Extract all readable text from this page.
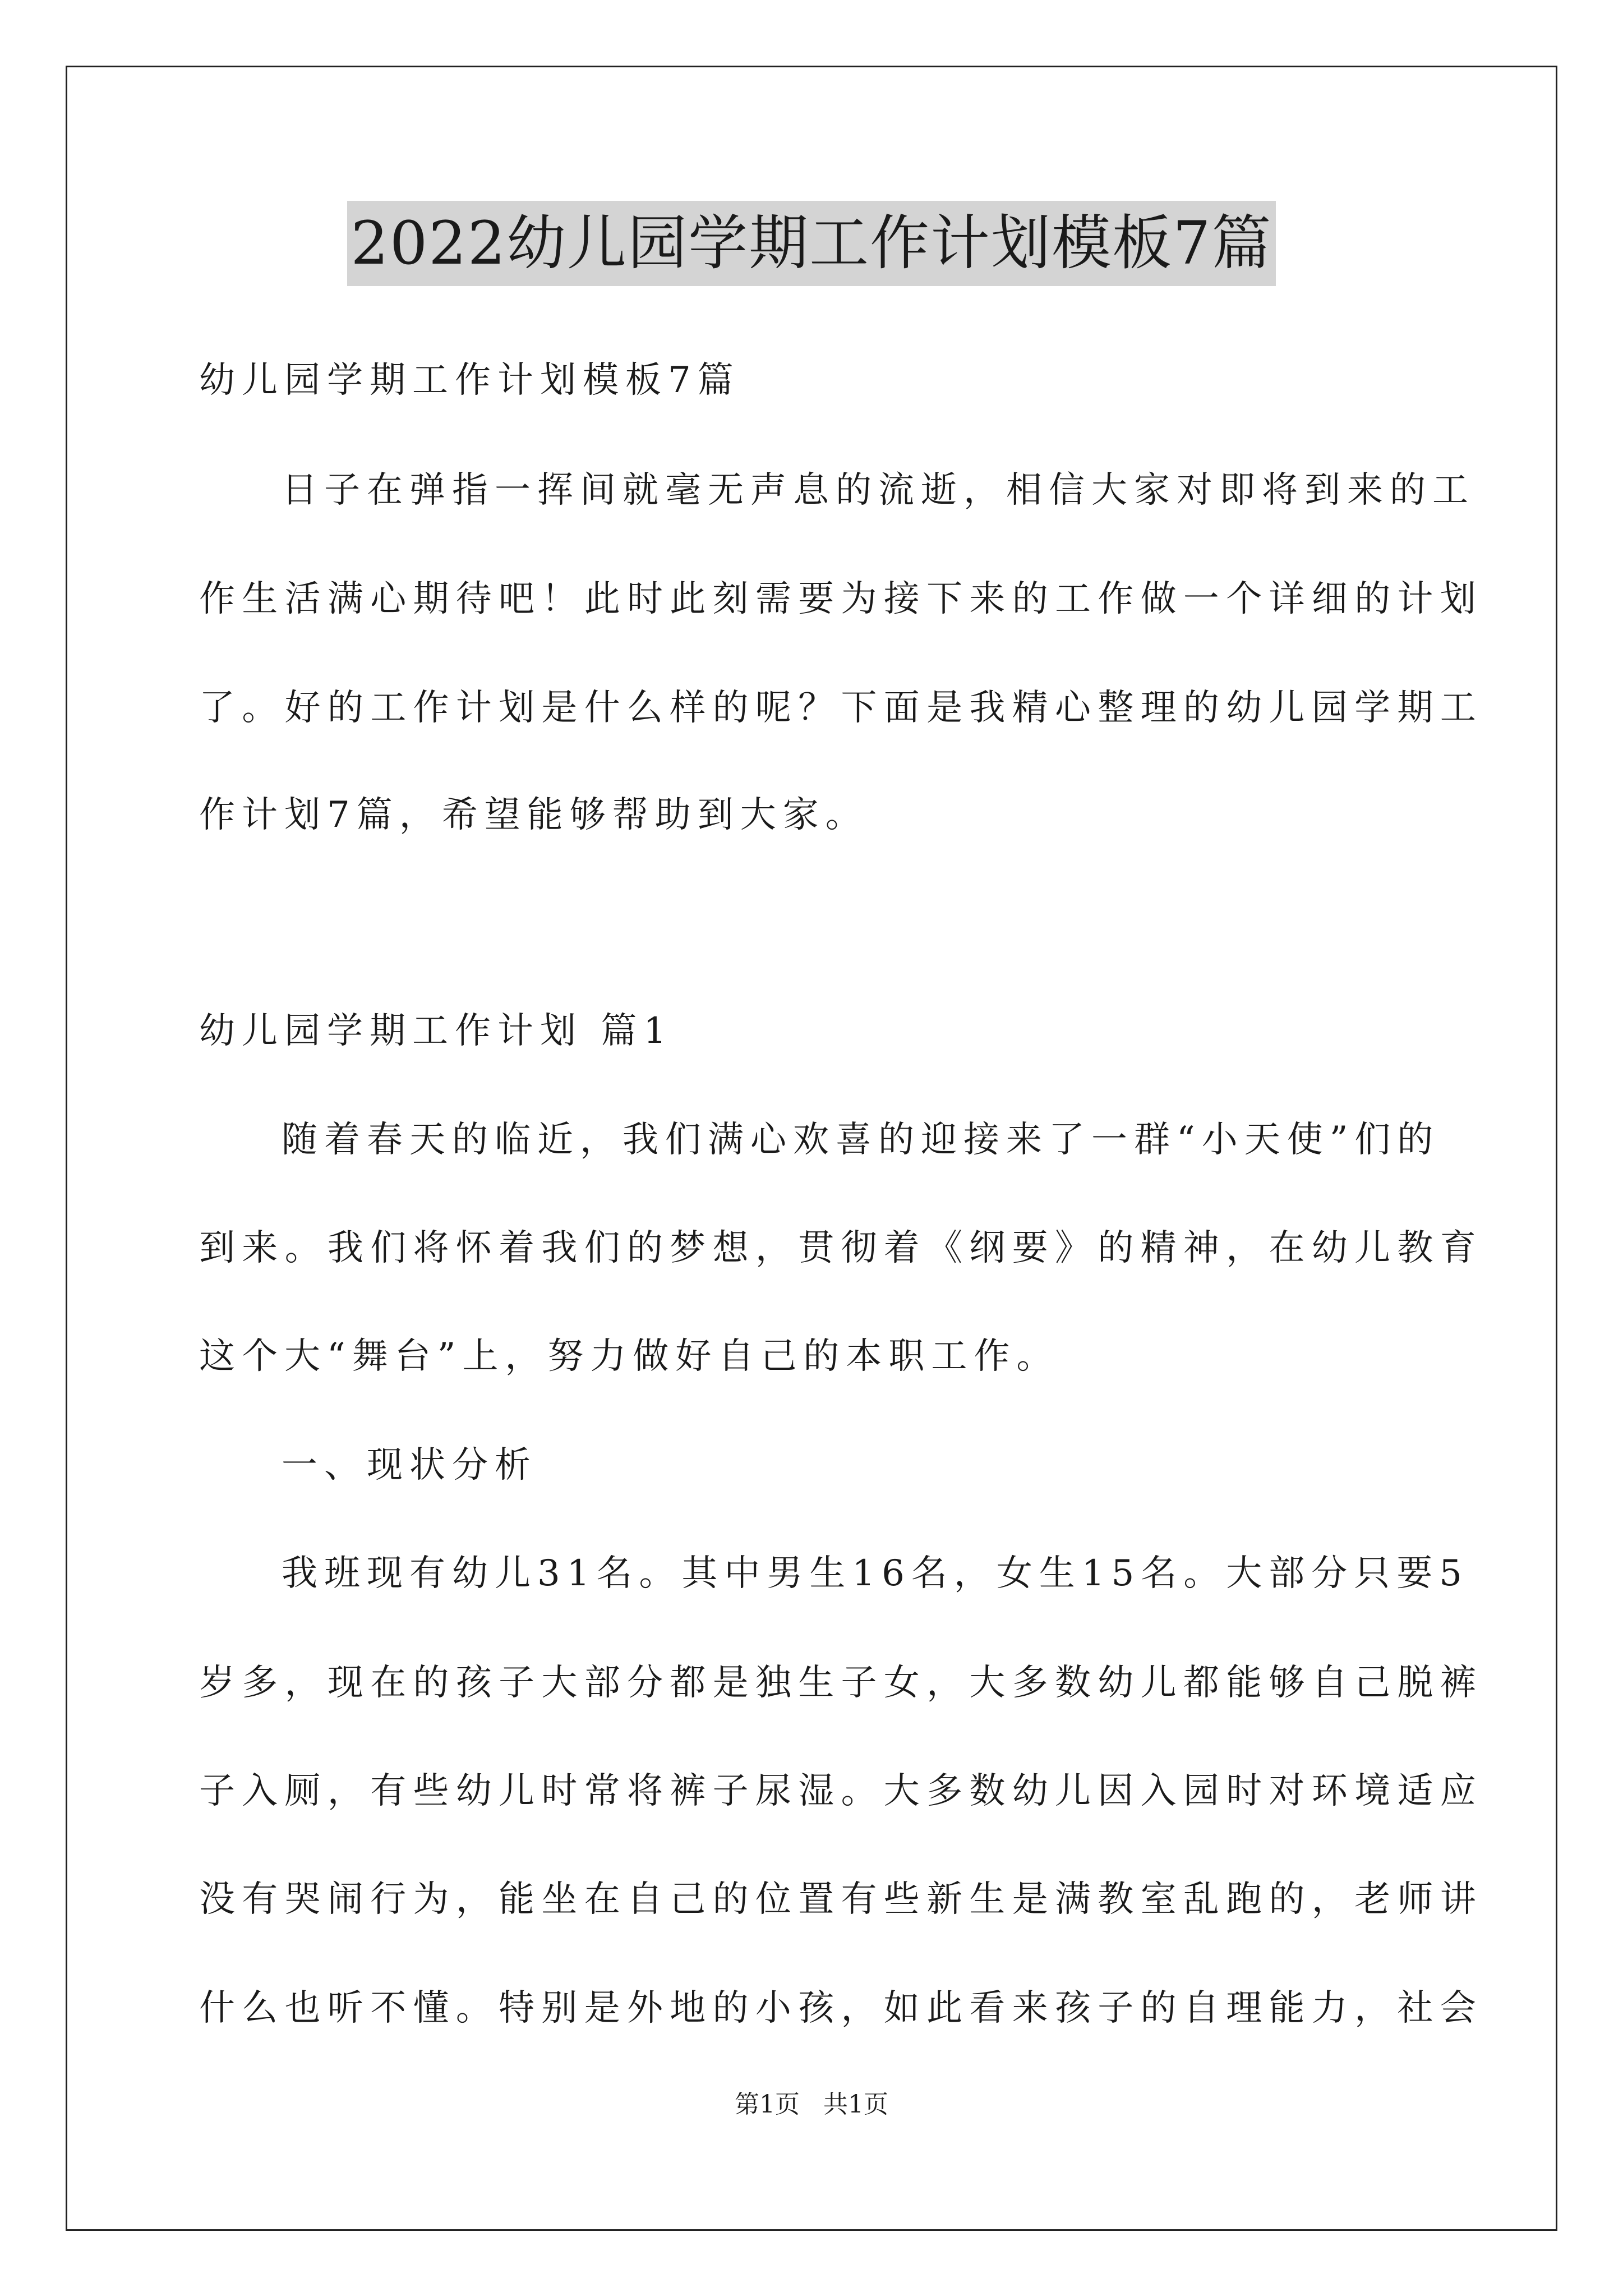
2022幼儿园学期工作计划模板7篇
幼儿园学期工作计划模板7篇
日子在弹指一挥间就毫无声息的流逝，相信大家对即将到来的工
作生活满心期待吧！此时此刻需要为接下来的工作做一个详细的计划
了。好的工作计划是什么样的呢？下面是我精心整理的幼儿园学期工
作计划7篇，希望能够帮助到大家。
幼儿园学期工作计划 篇1
随着春天的临近，我们满心欢喜的迎接来了一群“小天使”们的
到来。我们将怀着我们的梦想，贯彻着《纲要》的精神，在幼儿教育
这个大“舞台”上，努力做好自己的本职工作。
一、现状分析
我班现有幼儿31名。其中男生16名，女生15名。大部分只要5
岁多，现在的孩子大部分都是独生子女，大多数幼儿都能够自己脱裤
子入厕，有些幼儿时常将裤子尿湿。大多数幼儿因入园时对环境适应
没有哭闹行为，能坐在自己的位置有些新生是满教室乱跑的，老师讲
什么也听不懂。特别是外地的小孩，如此看来孩子的自理能力，社会
第1页   共1页
